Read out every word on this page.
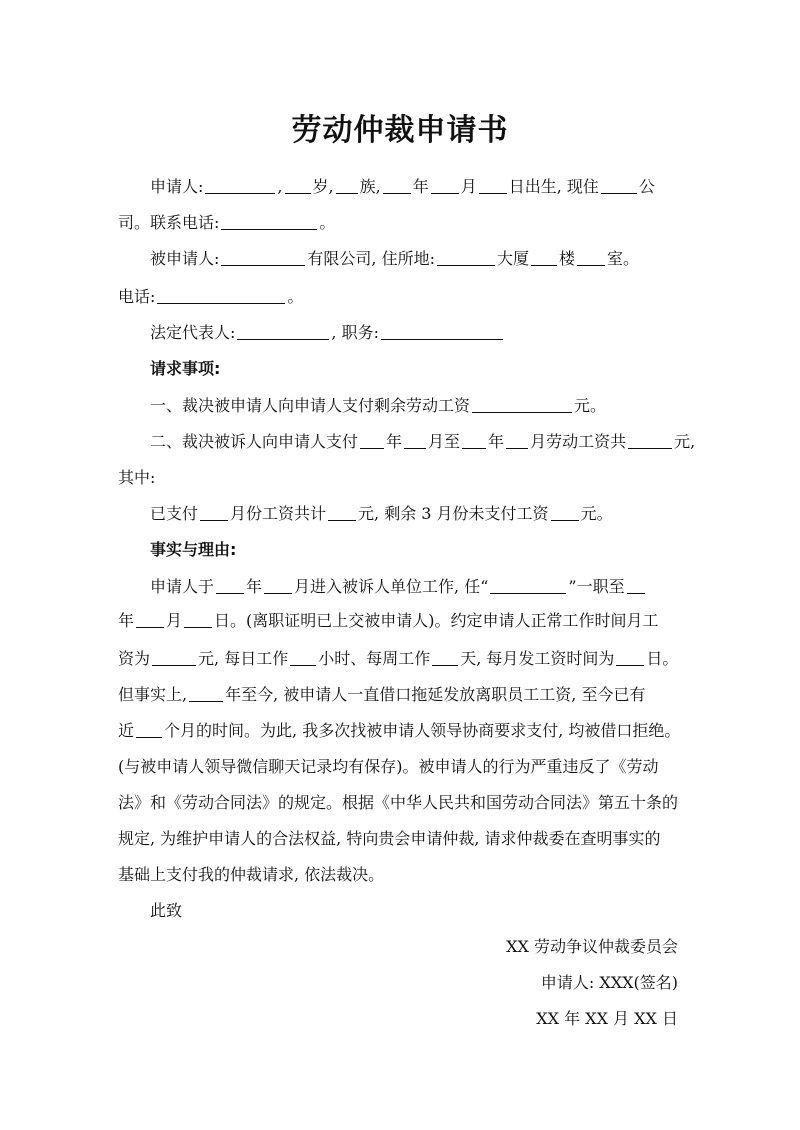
劳动仲裁申请书
申请人:	, 岁, 族, 年 月 日出生, 现住	公
司。联系电话:	。
被申请人:	有限公司, 住所地:	大厦 楼 室。
电话:	。
法定代表人:	, 职务:
请求事项:
一、裁决被申请人向申请人支付剩余劳动工资	元。
二、裁决被诉人向申请人支付 年 月至 年 月劳动工资共	元,
其中:
已支付 月份工资共计 元, 剩余 3 月份未支付工资 元。
事实与理由:
申请人于 年 月进入被诉人单位工作, 任“	”一职至
年 月 日。(离职证明已上交被申请人)。约定申请人正常工作时间月工
资为	元, 每日工作 小时、每周工作 天, 每月发工资时间为 日。
但事实上, 年至今, 被申请人一直借口拖延发放离职员工工资, 至今已有
近 个月的时间。为此, 我多次找被申请人领导协商要求支付, 均被借口拒绝。
(与被申请人领导微信聊天记录均有保存)。被申请人的行为严重违反了《劳动
法》和《劳动合同法》的规定。根据《中华人民共和国劳动合同法》第五十条的
规定, 为维护申请人的合法权益, 特向贵会申请仲裁, 请求仲裁委在查明事实的
基础上支付我的仲裁请求, 依法裁决。
此致
XX 劳动争议仲裁委员会
申请人: XXX(签名)
XX 年 XX 月 XX 日
